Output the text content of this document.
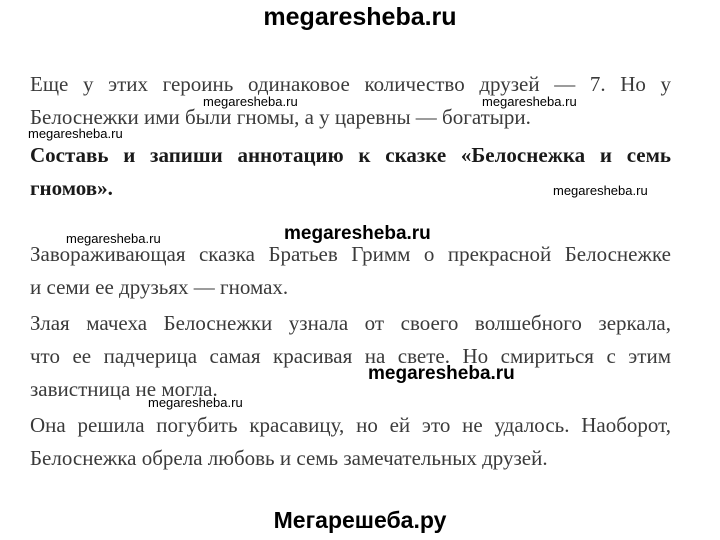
megaresheba.ru
Еще у этих героинь одинаковое количество друзей — 7. Но у
Белоснежки ими были гномы, а у царевны — богатыри.
Составь и запиши аннотацию к сказке «Белоснежка и семь
гномов».
Завораживающая сказка Братьев Гримм о прекрасной Белоснежке
и семи ее друзьях — гномах.
Злая мачеха Белоснежки узнала от своего волшебного зеркала,
что ее падчерица самая красивая на свете. Но смириться с этим
завистница не могла.
Она решила погубить красавицу, но ей это не удалось. Наоборот,
Белоснежка обрела любовь и семь замечательных друзей.
megaresheba.ru	megaresheba.ru
megaresheba.ru
megaresheba.ru
megaresheba.ru
megaresheba.ru
megaresheba.ru
megaresheba.ru
Мегарешеба.ру
